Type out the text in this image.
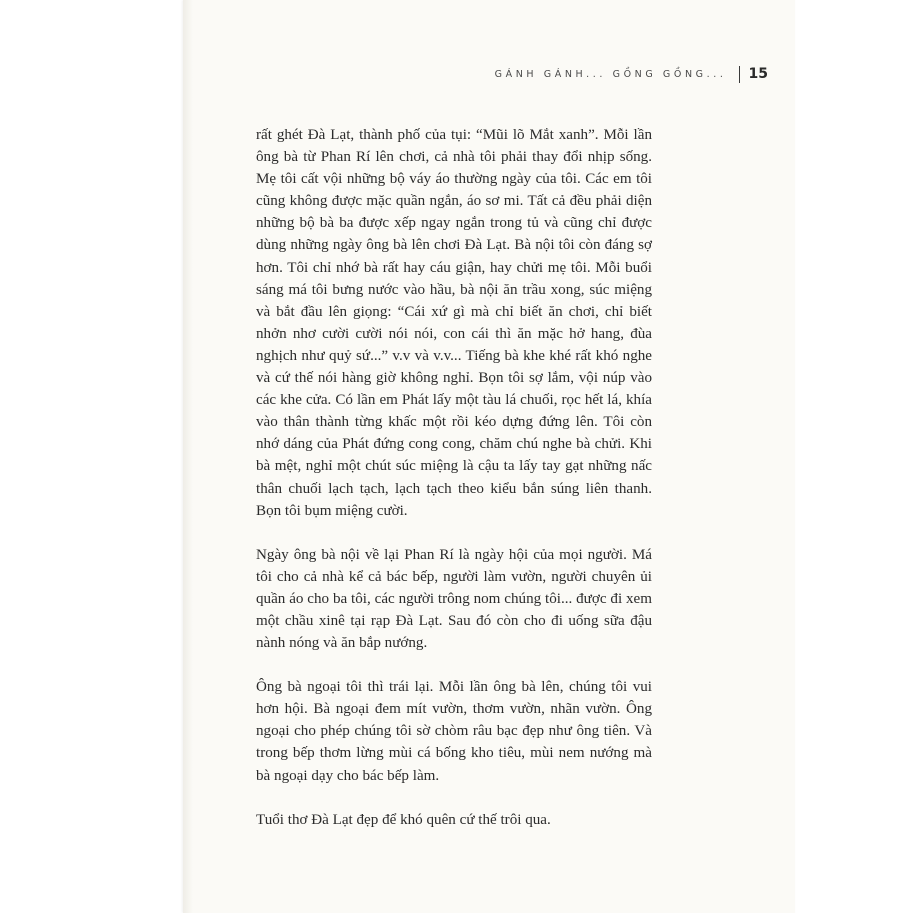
GÁNH GÁNH... GỒNG GỒNG... 15

rất ghét Đà Lạt, thành phố của tụi: “Mũi lõ Mắt xanh”. Mỗi lần ông bà từ Phan Rí lên chơi, cả nhà tôi phải thay đổi nhịp sống. Mẹ tôi cất vội những bộ váy áo thường ngày của tôi. Các em tôi cũng không được mặc quần ngắn, áo sơ mi. Tất cả đều phải diện những bộ bà ba được xếp ngay ngắn trong tủ và cũng chỉ được dùng những ngày ông bà lên chơi Đà Lạt. Bà nội tôi còn đáng sợ hơn. Tôi chỉ nhớ bà rất hay cáu giận, hay chửi mẹ tôi. Mỗi buổi sáng má tôi bưng nước vào hầu, bà nội ăn trầu xong, súc miệng và bắt đầu lên giọng: “Cái xứ gì mà chỉ biết ăn chơi, chỉ biết nhởn nhơ cười cười nói nói, con cái thì ăn mặc hở hang, đùa nghịch như quỷ sứ...” v.v và v.v... Tiếng bà khe khé rất khó nghe và cứ thế nói hàng giờ không nghỉ. Bọn tôi sợ lắm, vội núp vào các khe cửa. Có lần em Phát lấy một tàu lá chuối, rọc hết lá, khía vào thân thành từng khấc một rồi kéo dựng đứng lên. Tôi còn nhớ dáng của Phát đứng cong cong, chăm chú nghe bà chửi. Khi bà mệt, nghỉ một chút súc miệng là cậu ta lấy tay gạt những nấc thân chuối lạch tạch, lạch tạch theo kiểu bắn súng liên thanh. Bọn tôi bụm miệng cười.

Ngày ông bà nội về lại Phan Rí là ngày hội của mọi người. Má tôi cho cả nhà kể cả bác bếp, người làm vườn, người chuyên ủi quần áo cho ba tôi, các người trông nom chúng tôi... được đi xem một chầu xinê tại rạp Đà Lạt. Sau đó còn cho đi uống sữa đậu nành nóng và ăn bắp nướng.

Ông bà ngoại tôi thì trái lại. Mỗi lần ông bà lên, chúng tôi vui hơn hội. Bà ngoại đem mít vườn, thơm vườn, nhãn vườn. Ông ngoại cho phép chúng tôi sờ chòm râu bạc đẹp như ông tiên. Và trong bếp thơm lừng mùi cá bống kho tiêu, mùi nem nướng mà bà ngoại dạy cho bác bếp làm.

Tuổi thơ Đà Lạt đẹp để khó quên cứ thế trôi qua.
